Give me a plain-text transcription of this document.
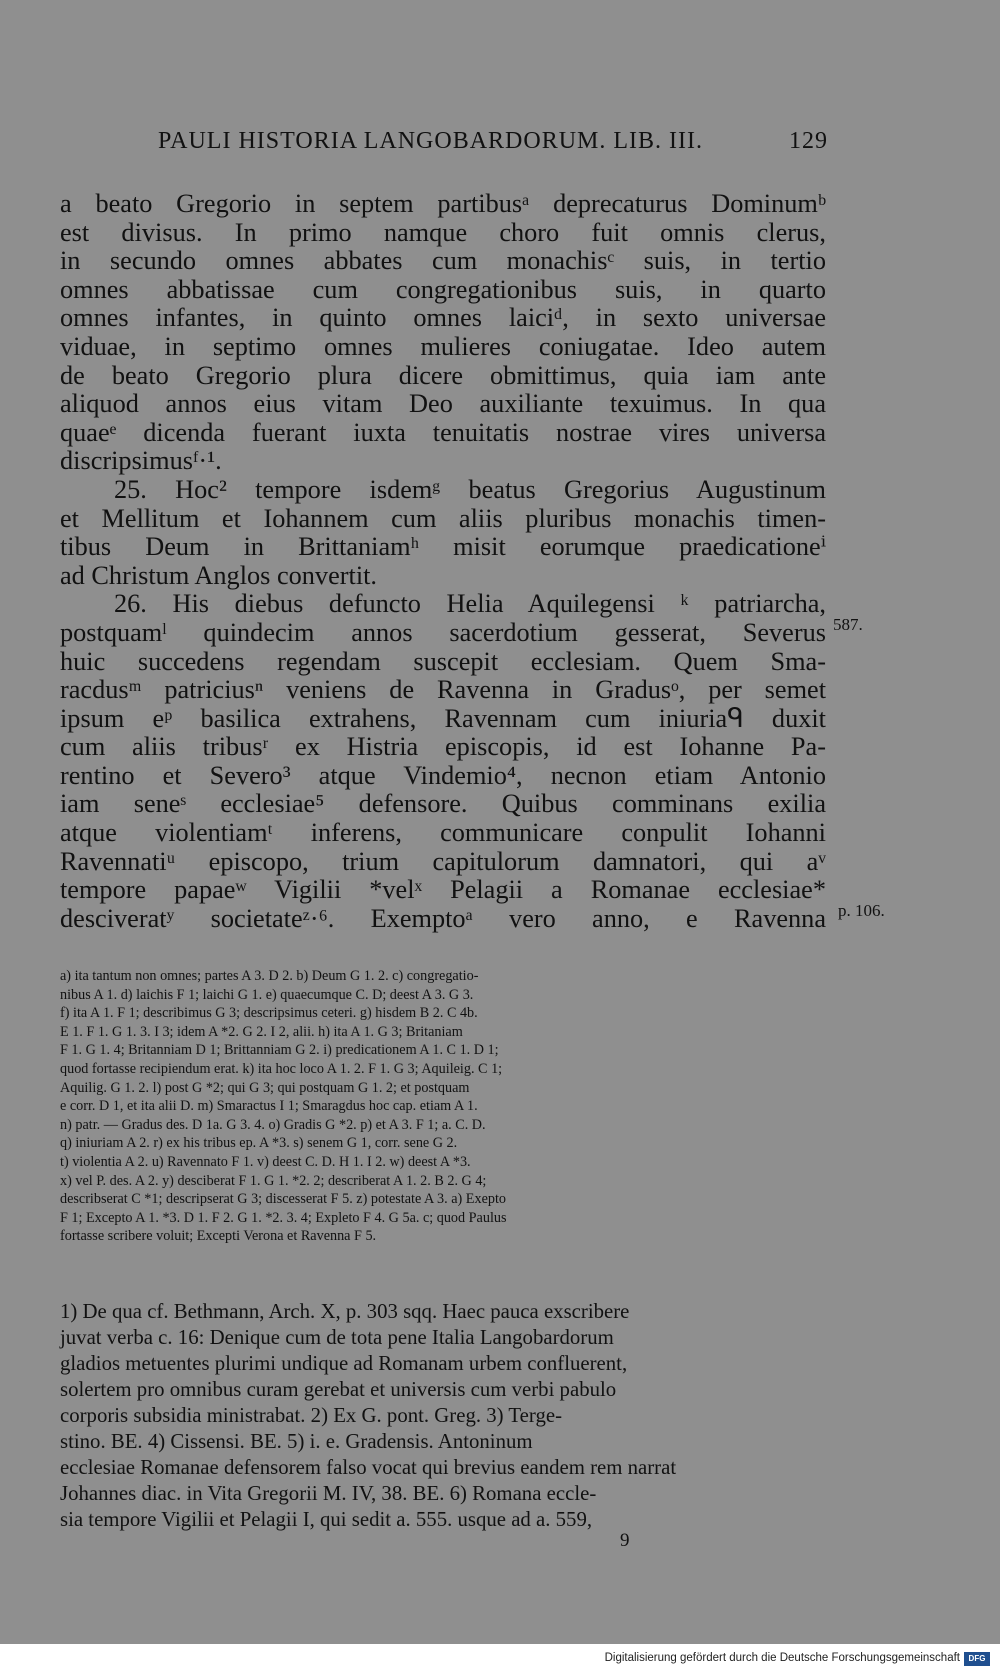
PAULI HISTORIA LANGOBARDORUM. LIB. III.	129
a beato Gregorio in septem partibusᵃ deprecaturus Dominumᵇ
est divisus. In primo namque choro fuit omnis clerus,
in secundo omnes abbates cum monachisᶜ suis, in tertio
omnes abbatissae cum congregationibus suis, in quarto
omnes infantes, in quinto omnes laiciᵈ, in sexto universae
viduae, in septimo omnes mulieres coniugatae. Ideo autem
de beato Gregorio plura dicere obmittimus, quia iam ante
aliquod annos eius vitam Deo auxiliante texuimus. In qua
quaeᵉ dicenda fuerant iuxta tenuitatis nostrae vires universa
discripsimusᶠ·¹.
25. Hoc² tempore isdemᵍ beatus Gregorius Augustinum
et Mellitum et Iohannem cum aliis pluribus monachis timen-
tibus Deum in Brittaniamʰ misit eorumque praedicationeⁱ
ad Christum Anglos convertit.
26. His diebus defuncto Helia Aquilegensi ᵏ patriarcha,
postquamˡ quindecim annos sacerdotium gesserat, Severus
huic succedens regendam suscepit ecclesiam. Quem Sma-
racdusᵐ patriciusⁿ veniens de Ravenna in Gradusᵒ, per semet
ipsum eᵖ basilica extrahens, Ravennam cum iniuriaᑫ duxit
cum aliis tribusʳ ex Histria episcopis, id est Iohanne Pa-
rentino et Severo³ atque Vindemio⁴, necnon etiam Antonio
iam seneˢ ecclesiae⁵ defensore. Quibus comminans exilia
atque violentiamᵗ inferens, communicare conpulit Iohanni
Ravennatiᵘ episcopo, trium capitulorum damnatori, qui aᵛ
tempore papaeʷ Vigilii *velˣ Pelagii a Romanae ecclesiae*
desciveratʸ societateᶻ·⁶. Exemptoᵃ vero anno, e Ravenna
587.
p. 106.
a) ita tantum non omnes; partes A 3. D 2. b) Deum G 1. 2. c) congregatio-
nibus A 1. d) laichis F 1; laichi G 1. e) quaecumque C. D; deest A 3. G 3.
f) ita A 1. F 1; describimus G 3; descripsimus ceteri. g) hisdem B 2. C 4b.
E 1. F 1. G 1. 3. I 3; idem A *2. G 2. I 2, alii. h) ita A 1. G 3; Britaniam
F 1. G 1. 4; Britanniam D 1; Brittanniam G 2. i) predicationem A 1. C 1. D 1;
quod fortasse recipiendum erat. k) ita hoc loco A 1. 2. F 1. G 3; Aquileig. C 1;
Aquilig. G 1. 2. l) post G *2; qui G 3; qui postquam G 1. 2; et postquam
e corr. D 1, et ita alii D. m) Smaractus I 1; Smaragdus hoc cap. etiam A 1.
n) patr. — Gradus des. D 1a. G 3. 4. o) Gradis G *2. p) et A 3. F 1; a. C. D.
q) iniuriam A 2. r) ex his tribus ep. A *3. s) senem G 1, corr. sene G 2.
t) violentia A 2. u) Ravennato F 1. v) deest C. D. H 1. I 2. w) deest A *3.
x) vel P. des. A 2. y) desciberat F 1. G 1. *2. 2; describerat A 1. 2. B 2. G 4;
describserat C *1; descripserat G 3; discesserat F 5. z) potestate A 3. a) Exepto
F 1; Excepto A 1. *3. D 1. F 2. G 1. *2. 3. 4; Expleto F 4. G 5a. c; quod Paulus
fortasse scribere voluit; Excepti Verona et Ravenna F 5.
1) De qua cf. Bethmann, Arch. X, p. 303 sqq. Haec pauca exscribere
juvat verba c. 16: Denique cum de tota pene Italia Langobardorum
gladios metuentes plurimi undique ad Romanam urbem confluerent,
solertem pro omnibus curam gerebat et universis cum verbi pabulo
corporis subsidia ministrabat. 2) Ex G. pont. Greg. 3) Terge-
stino. BE. 4) Cissensi. BE. 5) i. e. Gradensis. Antoninum
ecclesiae Romanae defensorem falso vocat qui brevius eandem rem narrat
Johannes diac. in Vita Gregorii M. IV, 38. BE. 6) Romana eccle-
sia tempore Vigilii et Pelagii I, qui sedit a. 555. usque ad a. 559,
9
Digitalisierung gefördert durch die Deutsche Forschungsgemeinschaft	DFG
